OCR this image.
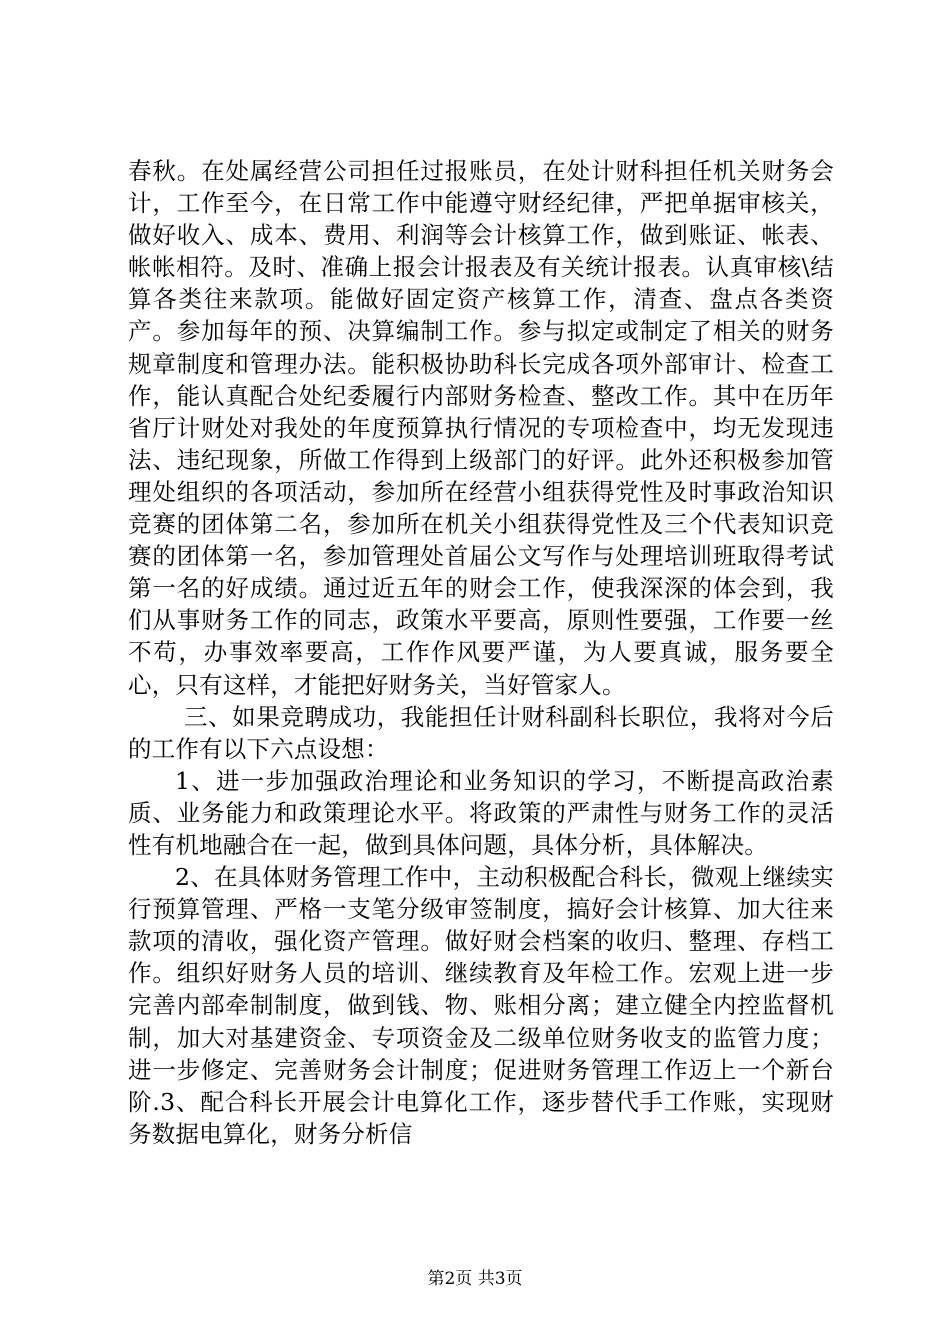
春秋。在处属经营公司担任过报账员，在处计财科担任机关财务会计，工作至今，在日常工作中能遵守财经纪律，严把单据审核关，做好收入、成本、费用、利润等会计核算工作，做到账证、帐表、帐帐相符。及时、准确上报会计报表及有关统计报表。认真审核\结算各类往来款项。能做好固定资产核算工作，清查、盘点各类资产。参加每年的预、决算编制工作。参与拟定或制定了相关的财务规章制度和管理办法。能积极协助科长完成各项外部审计、检查工作，能认真配合处纪委履行内部财务检查、整改工作。其中在历年省厅计财处对我处的年度预算执行情况的专项检查中，均无发现违法、违纪现象，所做工作得到上级部门的好评。此外还积极参加管理处组织的各项活动，参加所在经营小组获得党性及时事政治知识竞赛的团体第二名，参加所在机关小组获得党性及三个代表知识竞赛的团体第一名，参加管理处首届公文写作与处理培训班取得考试第一名的好成绩。通过近五年的财会工作，使我深深的体会到，我们从事财务工作的同志，政策水平要高，原则性要强，工作要一丝不苟，办事效率要高，工作作风要严谨，为人要真诚，服务要全心，只有这样，才能把好财务关，当好管家人。

三、如果竞聘成功，我能担任计财科副科长职位，我将对今后的工作有以下六点设想：

1、进一步加强政治理论和业务知识的学习，不断提高政治素质、业务能力和政策理论水平。将政策的严肃性与财务工作的灵活性有机地融合在一起，做到具体问题，具体分析，具体解决。

2、在具体财务管理工作中，主动积极配合科长，微观上继续实行预算管理、严格一支笔分级审签制度，搞好会计核算、加大往来款项的清收，强化资产管理。做好财会档案的收归、整理、存档工作。组织好财务人员的培训、继续教育及年检工作。宏观上进一步完善内部牵制制度，做到钱、物、账相分离；建立健全内控监督机制，加大对基建资金、专项资金及二级单位财务收支的监管力度；进一步修定、完善财务会计制度；促进财务管理工作迈上一个新台阶.3、配合科长开展会计电算化工作，逐步替代手工作账，实现财务数据电算化，财务分析信

第2页 共3页
